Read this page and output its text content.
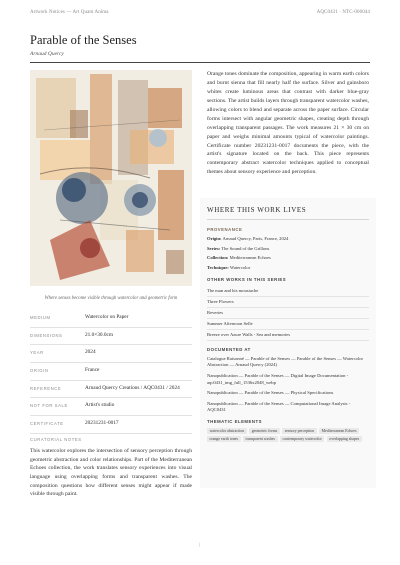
Artwork Notices — Art Quam Anima	AQC0431 · NTC-000044
Parable of the Senses
Arnaud Quercy
Where senses become visible through watercolor and geometric form
MEDIUM	Watercolor on Paper
DIMENSIONS	21.0×30.0cm
YEAR	2024
ORIGIN	France
REFERENCE	Arnaud Quercy Creations / AQC0431 / 2024
NOT FOR SALE	Artist's studio
CERTIFICATE	20231231-0017
CURATORIAL NOTES
This watercolor explores the intersection of sensory perception through geometric abstraction and color relationships. Part of the Mediterranean Echoes collection, the work translates sensory experiences into visual language using overlapping forms and transparent washes. The composition questions how different senses might appear if made visible through paint.
Orange tones dominate the composition, appearing in warm earth colors and burnt sienna that fill nearly half the surface. Silver and gainsboro whites create luminous areas that contrast with darker blue-gray sections. The artist builds layers through transparent watercolor washes, allowing colors to blend and separate across the paper surface. Circular forms intersect with angular geometric shapes, creating depth through overlapping transparent passages. The work measures 21 × 30 cm on paper and weighs minimal amounts typical of watercolor paintings. Certificate number 20231231-0017 documents the piece, with the artist's signature located on the back. This piece represents contemporary abstract watercolor techniques applied to conceptual themes about sensory experience and perception.
WHERE THIS WORK LIVES
PROVENANCE
Origin: Arnaud Quercy, Paris, France, 2024
Series: The Sound of the Grillons
Collection: Mediterranean Echoes
Technique: Watercolor
OTHER WORKS IN THIS SERIES
The man and his moustache
Three Flowers
Reveries
Summer Afternoon Selle
Breeze over Azure Walls - Sea and memories
DOCUMENTED AT
Catalogue Raisonné — Parable of the Senses — Parable of the Senses — Watercolor Abstraction — Arnaud Quercy (2024)
Nanopublication — Parable of the Senses — Digital Image Documentation - aqc0431_img_full_1536x2048_webp
Nanopublication — Parable of the Senses — Physical Specifications
Nanopublication — Parable of the Senses — Computational Image Analysis - AQC0431
THEMATIC ELEMENTS
watercolor abstraction	geometric forms	sensory perception	Mediterranean Echoes
orange earth tones	transparent washes	contemporary watercolor	overlapping shapes
|
